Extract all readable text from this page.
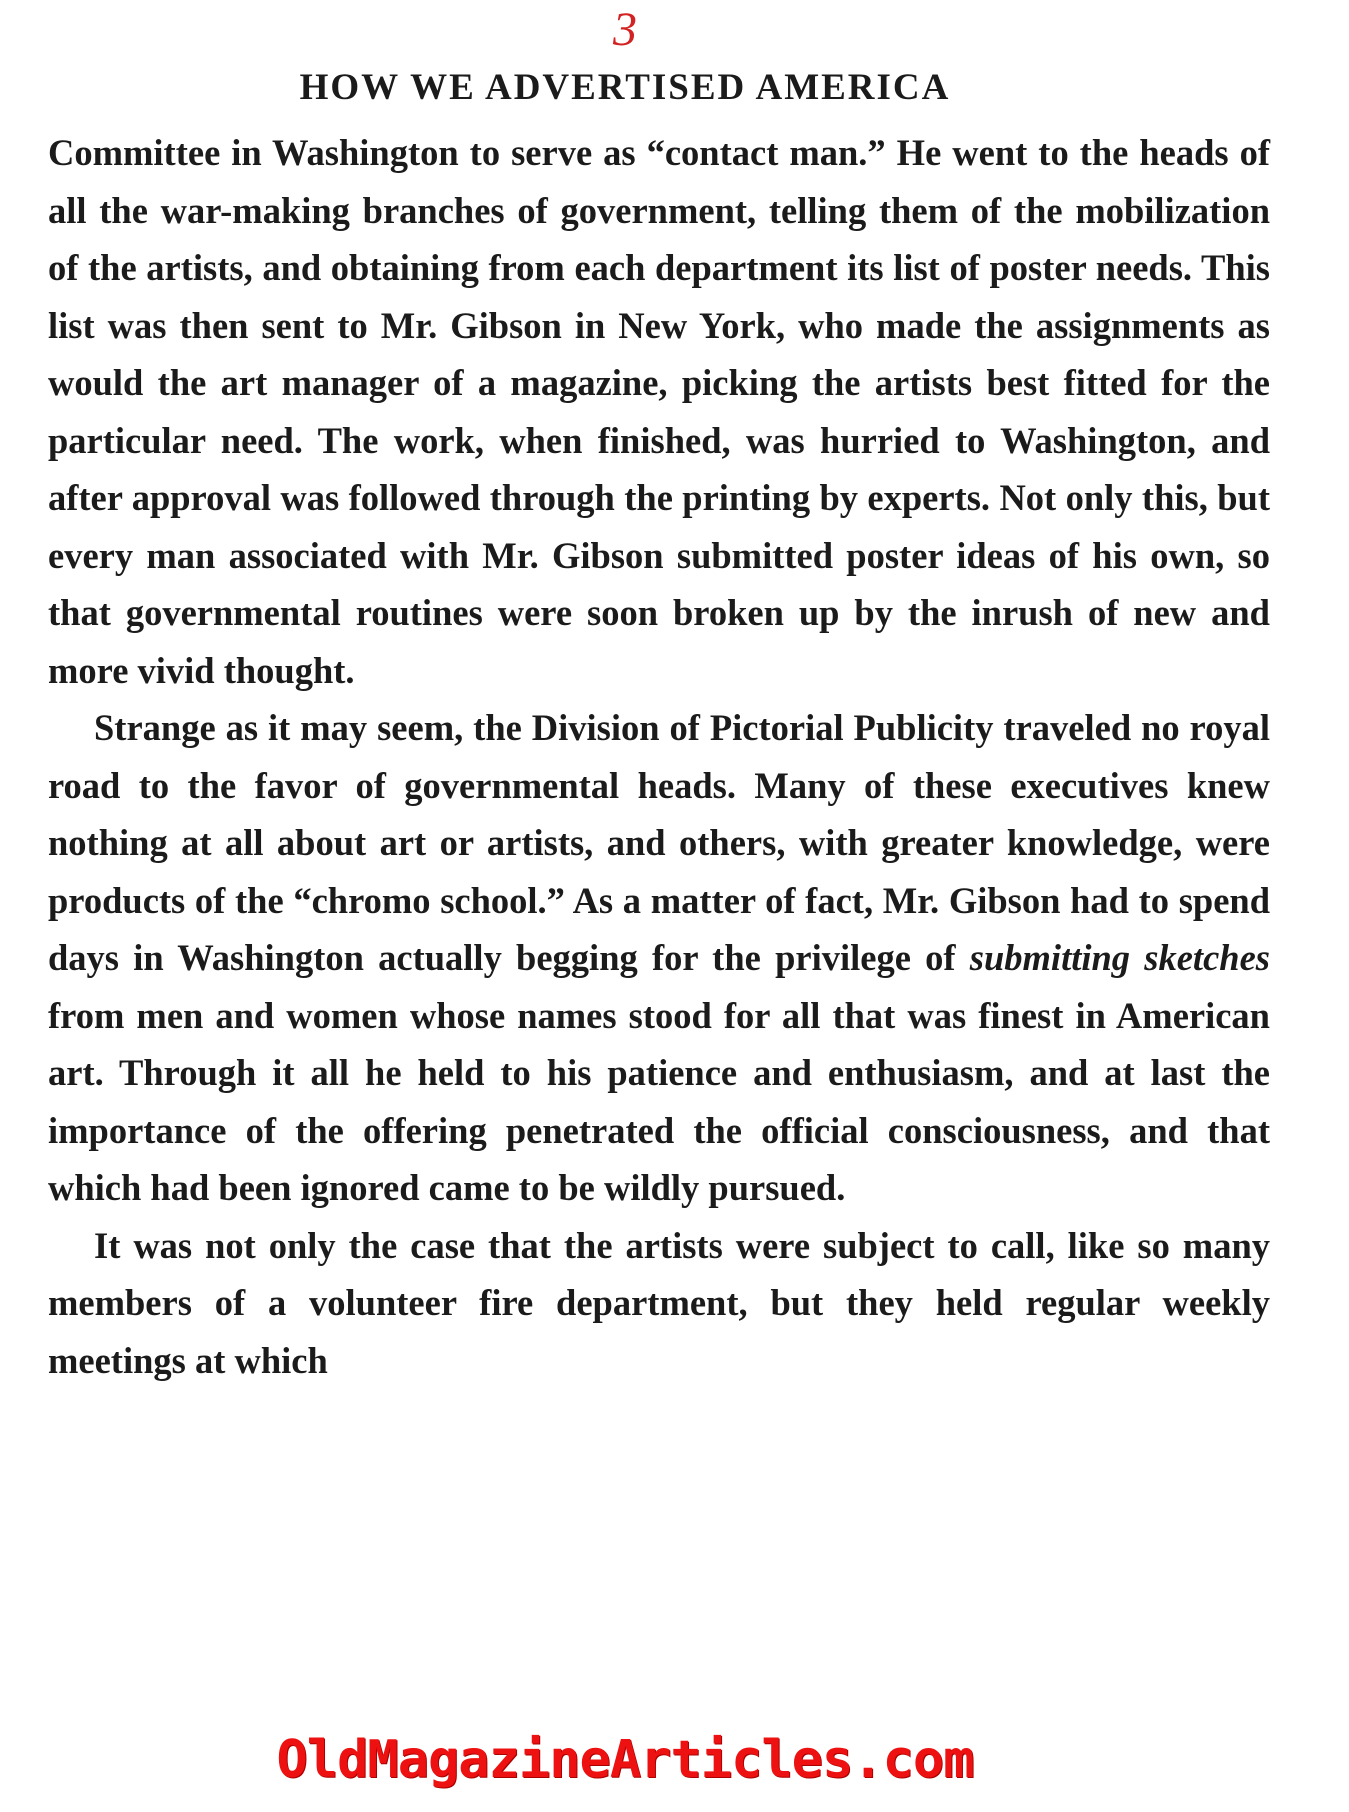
3
HOW WE ADVERTISED AMERICA

Committee in Washington to serve as “contact man.” He went to the heads of all the war-making branches of government, telling them of the mobilization of the artists, and obtaining from each department its list of poster needs. This list was then sent to Mr. Gibson in New York, who made the assignments as would the art manager of a magazine, picking the artists best fitted for the particular need. The work, when finished, was hurried to Washington, and after approval was followed through the printing by experts. Not only this, but every man associated with Mr. Gibson submitted poster ideas of his own, so that governmental routines were soon broken up by the inrush of new and more vivid thought.

Strange as it may seem, the Division of Pictorial Publicity traveled no royal road to the favor of governmental heads. Many of these executives knew nothing at all about art or artists, and others, with greater knowledge, were products of the “chromo school.” As a matter of fact, Mr. Gibson had to spend days in Washington actually begging for the privilege of submitting sketches from men and women whose names stood for all that was finest in American art. Through it all he held to his patience and enthusiasm, and at last the importance of the offering penetrated the official consciousness, and that which had been ignored came to be wildly pursued.

It was not only the case that the artists were subject to call, like so many members of a volunteer fire department, but they held regular weekly meetings at which

OldMagazineArticles.com
